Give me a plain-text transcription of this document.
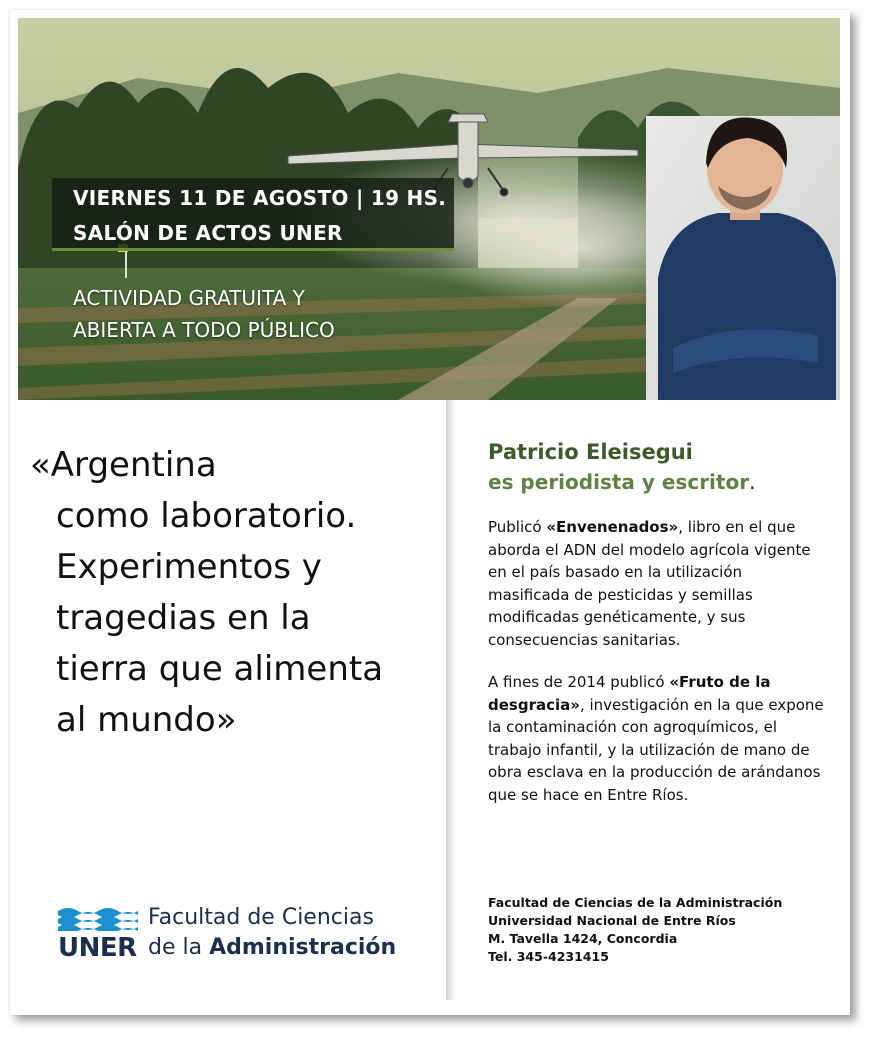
VIERNES 11 DE AGOSTO | 19 HS.
SALÓN DE ACTOS UNER
ACTIVIDAD GRATUITA Y
ABIERTA A TODO PÚBLICO
«Argentina
como laboratorio.
Experimentos y
tragedias en la
tierra que alimenta
al mundo»
Patricio Eleisegui
es periodista y escritor.

Publicó «Envenenados», libro en el que aborda el ADN del modelo agrícola vigente en el país basado en la utilización masificada de pesticidas y semillas modificadas genéticamente, y sus consecuencias sanitarias.

A fines de 2014 publicó «Fruto de la desgracia», investigación en la que expone la contaminación con agroquímicos, el trabajo infantil, y la utilización de mano de obra esclava en la producción de arándanos que se hace en Entre Ríos.

Facultad de Ciencias de la Administración
Universidad Nacional de Entre Ríos
M. Tavella 1424, Concordia
Tel. 345-4231415
UNER
Facultad de Ciencias
de la Administración
